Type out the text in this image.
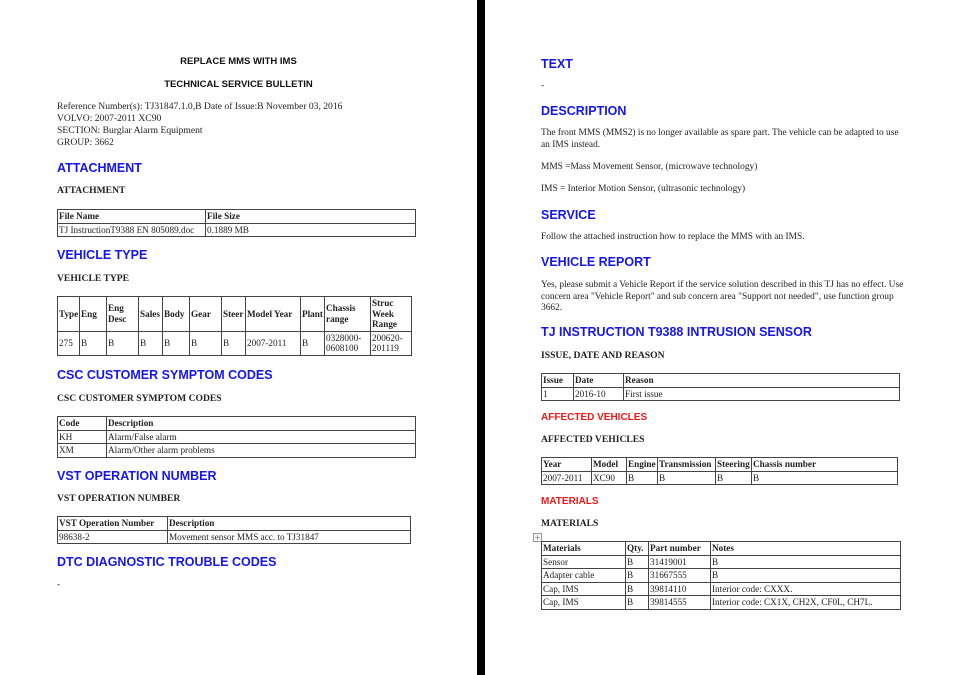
REPLACE MMS WITH IMS
TECHNICAL SERVICE BULLETIN
Reference Number(s): TJ31847.1.0,B Date of Issue:B November 03, 2016
VOLVO: 2007-2011 XC90
SECTION: Burglar Alarm Equipment
GROUP: 3662
ATTACHMENT
ATTACHMENT
File Name	File Size
TJ InstructionT9388 EN 805089.doc	0.1889 MB
VEHICLE TYPE
VEHICLE TYPE
Type	Eng	Eng Desc	Sales	Body	Gear	Steer	Model Year	Plant	Chassis range	Struc Week Range
275	B	B	B	B	B	B	2007-2011	B	0328000-0608100	200620-201119
CSC CUSTOMER SYMPTOM CODES
CSC CUSTOMER SYMPTOM CODES
Code	Description
KH	Alarm/False alarm
XM	Alarm/Other alarm problems
VST OPERATION NUMBER
VST OPERATION NUMBER
VST Operation Number	Description
98638-2	Movement sensor MMS acc. to TJ31847
DTC DIAGNOSTIC TROUBLE CODES
-
TEXT
-
DESCRIPTION
The front MMS (MMS2) is no longer available as spare part. The vehicle can be adapted to use an IMS instead.
MMS =Mass Movement Sensor, (microwave technology)
IMS = Interior Motion Sensor, (ultrasonic technology)
SERVICE
Follow the attached instruction how to replace the MMS with an IMS.
VEHICLE REPORT
Yes, please submit a Vehicle Report if the service solution described in this TJ has no effect. Use concern area "Vehicle Report" and sub concern area "Support not needed", use function group 3662.
TJ INSTRUCTION T9388 INTRUSION SENSOR
ISSUE, DATE AND REASON
Issue	Date	Reason
1	2016-10	First issue
AFFECTED VEHICLES
AFFECTED VEHICLES
Year	Model	Engine	Transmission	Steering	Chassis number
2007-2011	XC90	B	B	B	B
MATERIALS
MATERIALS
+
Materials	Qty.	Part number	Notes
Sensor	B	31419001	B
Adapter cable	B	31667555	B
Cap, IMS	B	39814110	Interior code: CXXX.
Cap, IMS	B	39814555	Interior code: CX1X, CH2X, CF0L, CH7L.
